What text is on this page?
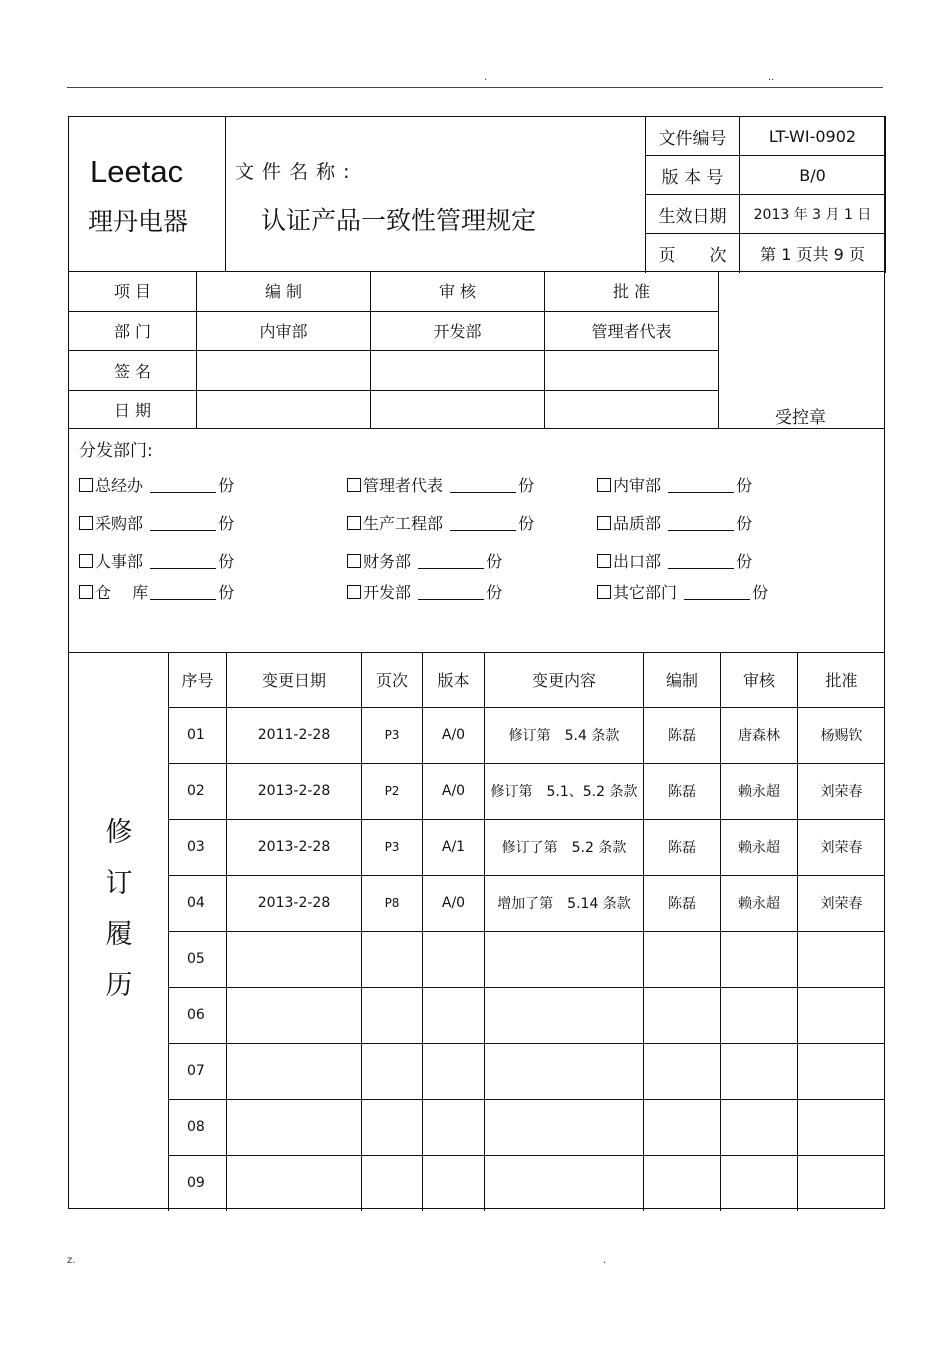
.	..
z.	.
Leetac
理丹电器
文 件 名 称 :
认证产品一致性管理规定
文件编号	LT-WI-0902
版 本 号	B/0
生效日期	2013 年 3 月 1 日
页　　次	第 1 页共 9 页
项 目	编 制	审 核	批 准
部 门	内审部	开发部	管理者代表
签 名			
日 期				受控章
分发部门:
总经办	份	管理者代表	份	内审部	份
采购部	份	生产工程部	份	品质部	份
人事部	份	财务部	份	出口部	份
仓　 库	份	开发部	份	其它部门	份
修
订
履
历
序号	变更日期	页次	版本	变更内容	编制	审核	批准
01	2011-2-28	P3	A/0	修订第　5.4 条款	陈磊	唐森林	杨赐钦
02	2013-2-28	P2	A/0	修订第　5.1、5.2 条款	陈磊	赖永超	刘荣春
03	2013-2-28	P3	A/1	修订了第　5.2 条款	陈磊	赖永超	刘荣春
04	2013-2-28	P8	A/0	增加了第　5.14 条款	陈磊	赖永超	刘荣春
05							
06							
07							
08							
09							
